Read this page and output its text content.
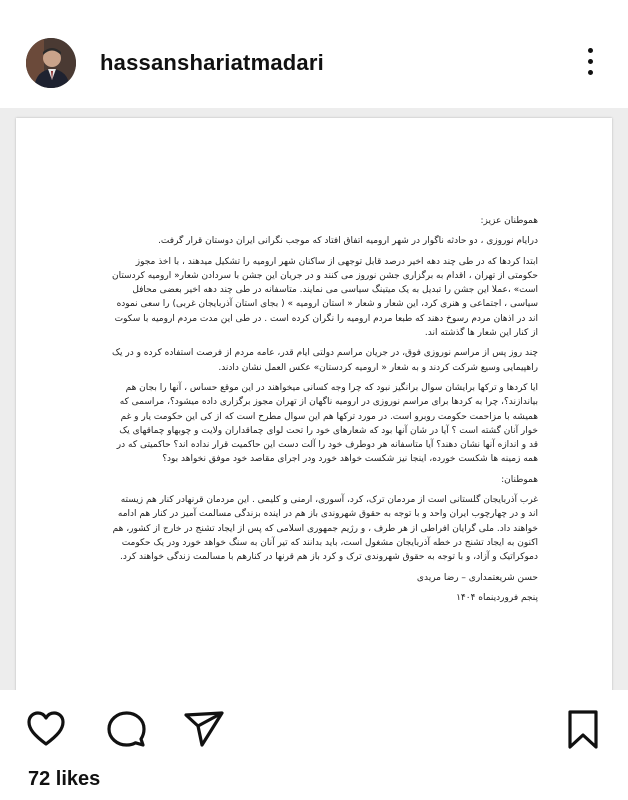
hassanshariatmadari

هموطنان عزیز:

درایام نوروزی ، دو حادثه ناگوار در شهر ارومیه اتفاق افتاد که موجب نگرانی ایران دوستان قرار گرفت.

ابتدا کردها که در طی چند دهه اخیر درصد قابل توجهی از ساکنان شهر ارومیه را تشکیل میدهند ، با اخذ مجوز حکومتی از تهران ، اقدام به برگزاری جشن نوروز می کنند و در جریان این جشن با سردادن شعار« ارومیه کردستان است» ،عملا این جشن را تبدیل به یک میتینگ سیاسی می نمایند. متاسفانه در طی چند دهه اخیر بعضی محافل سیاسی ، اجتماعی و هنری کرد، این شعار و شعار « استان ارومیه » ( بجای استان آذربایجان غربی) را سعی نموده اند در اذهان مردم رسوخ دهند که طبعا مردم ارومیه را نگران کرده است . در طی این مدت مردم ارومیه با سکوت از کنار این شعار ها گذشته اند.

چند روز پس از مراسم نوروزی فوق، در جریان مراسم دولتی ایام قدر، عامه مردم از فرصت استفاده کرده و در یک راهپیمایی وسیع شرکت کردند و به شعار « ارومیه کردستان» عکس العمل نشان دادند.

ایا کردها و ترکها برایشان سوال برانگیز نبود که چرا وجه کسانی میخواهند در این موقع حساس ، آنها را بجان هم بیاندازند؟، چرا به کردها برای مراسم نوروزی در ارومیه ناگهان از تهران مجوز برگزاری داده میشود؟، مراسمی که همیشه با مزاحمت حکومت روبرو است. در مورد ترکها هم این سوال مطرح است که از کی این حکومت یار و غم خوار آنان گشته است ؟ آیا در شان آنها بود که شعارهای خود را تحت لوای چماقداران ولایت و چوبهاو چماقهای یک قد و اندازه آنها نشان دهند؟ آیا متاسفانه هر دوطرف خود را آلت دست این حاکمیت قرار نداده اند؟ حاکمیتی که در همه زمینه ها شکست خورده، اینجا نیز شکست خواهد خورد ودر اجرای مقاصد خود موفق نخواهد بود؟

هموطنان:

غرب آذربایجان گلستانی است از مردمان ترک، کرد، آسوری، ارمنی و کلیمی . این مردمان قرنهادر کنار هم زیسته اند و در چهارچوب ایران واحد و با توجه به حقوق شهروندی باز هم در اینده بزندگی مسالمت آمیز در کنار هم ادامه خواهند داد. ملی گرایان افراطی از هر طرف ، و رژیم جمهوری اسلامی که پس از ایجاد تشنج در خارج از کشور، هم اکنون به ایجاد تشنج در خطه آذربایجان مشغول است، باید بدانند که تیر آنان به سنگ خواهد خورد ودر یک حکومت دموکراتیک و آزاد، و با توجه به حقوق شهروندی ترک و کرد باز هم قرنها در کنارهم با مسالمت زندگی خواهند کرد.

حسن شریعتمداری – رضا مریدی

پنجم فروردینماه ۱۴۰۴

72 likes
